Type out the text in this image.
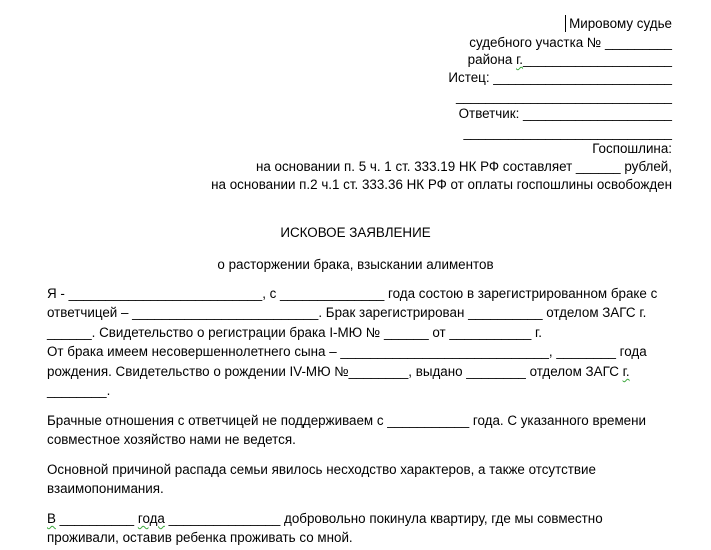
Мировому судье
судебного участка № _________
района г.____________________
Истец: ________________________
_____________________________
Ответчик: ____________________
____________________________
Госпошлина:
на основании п. 5 ч. 1 ст. 333.19 НК РФ составляет ______ рублей,
на основании п.2 ч.1 ст. 333.36 НК РФ от оплаты госпошлины освобожден
ИСКОВОЕ ЗАЯВЛЕНИЕ
о расторжении брака, взыскании алиментов
Я - __________________________, с ______________ года состою в зарегистрированном браке с
ответчицей – _________________________. Брак зарегистрирован __________ отделом ЗАГС г.
______. Свидетельство о регистрации брака I-МЮ № ______ от ___________ г.
От брака имеем несовершеннолетнего сына – ____________________________, ________ года
рождения. Свидетельство о рождении IV-МЮ №________, выдано ________ отделом ЗАГС г.
________.
Брачные отношения с ответчицей не поддерживаем с ___________ года. С указанного времени
совместное хозяйство нами не ведется.
Основной причиной распада семьи явилось несходство характеров, а также отсутствие
взаимопонимания.
В __________ года _______________ добровольно покинула квартиру, где мы совместно
проживали, оставив ребенка проживать со мной.
